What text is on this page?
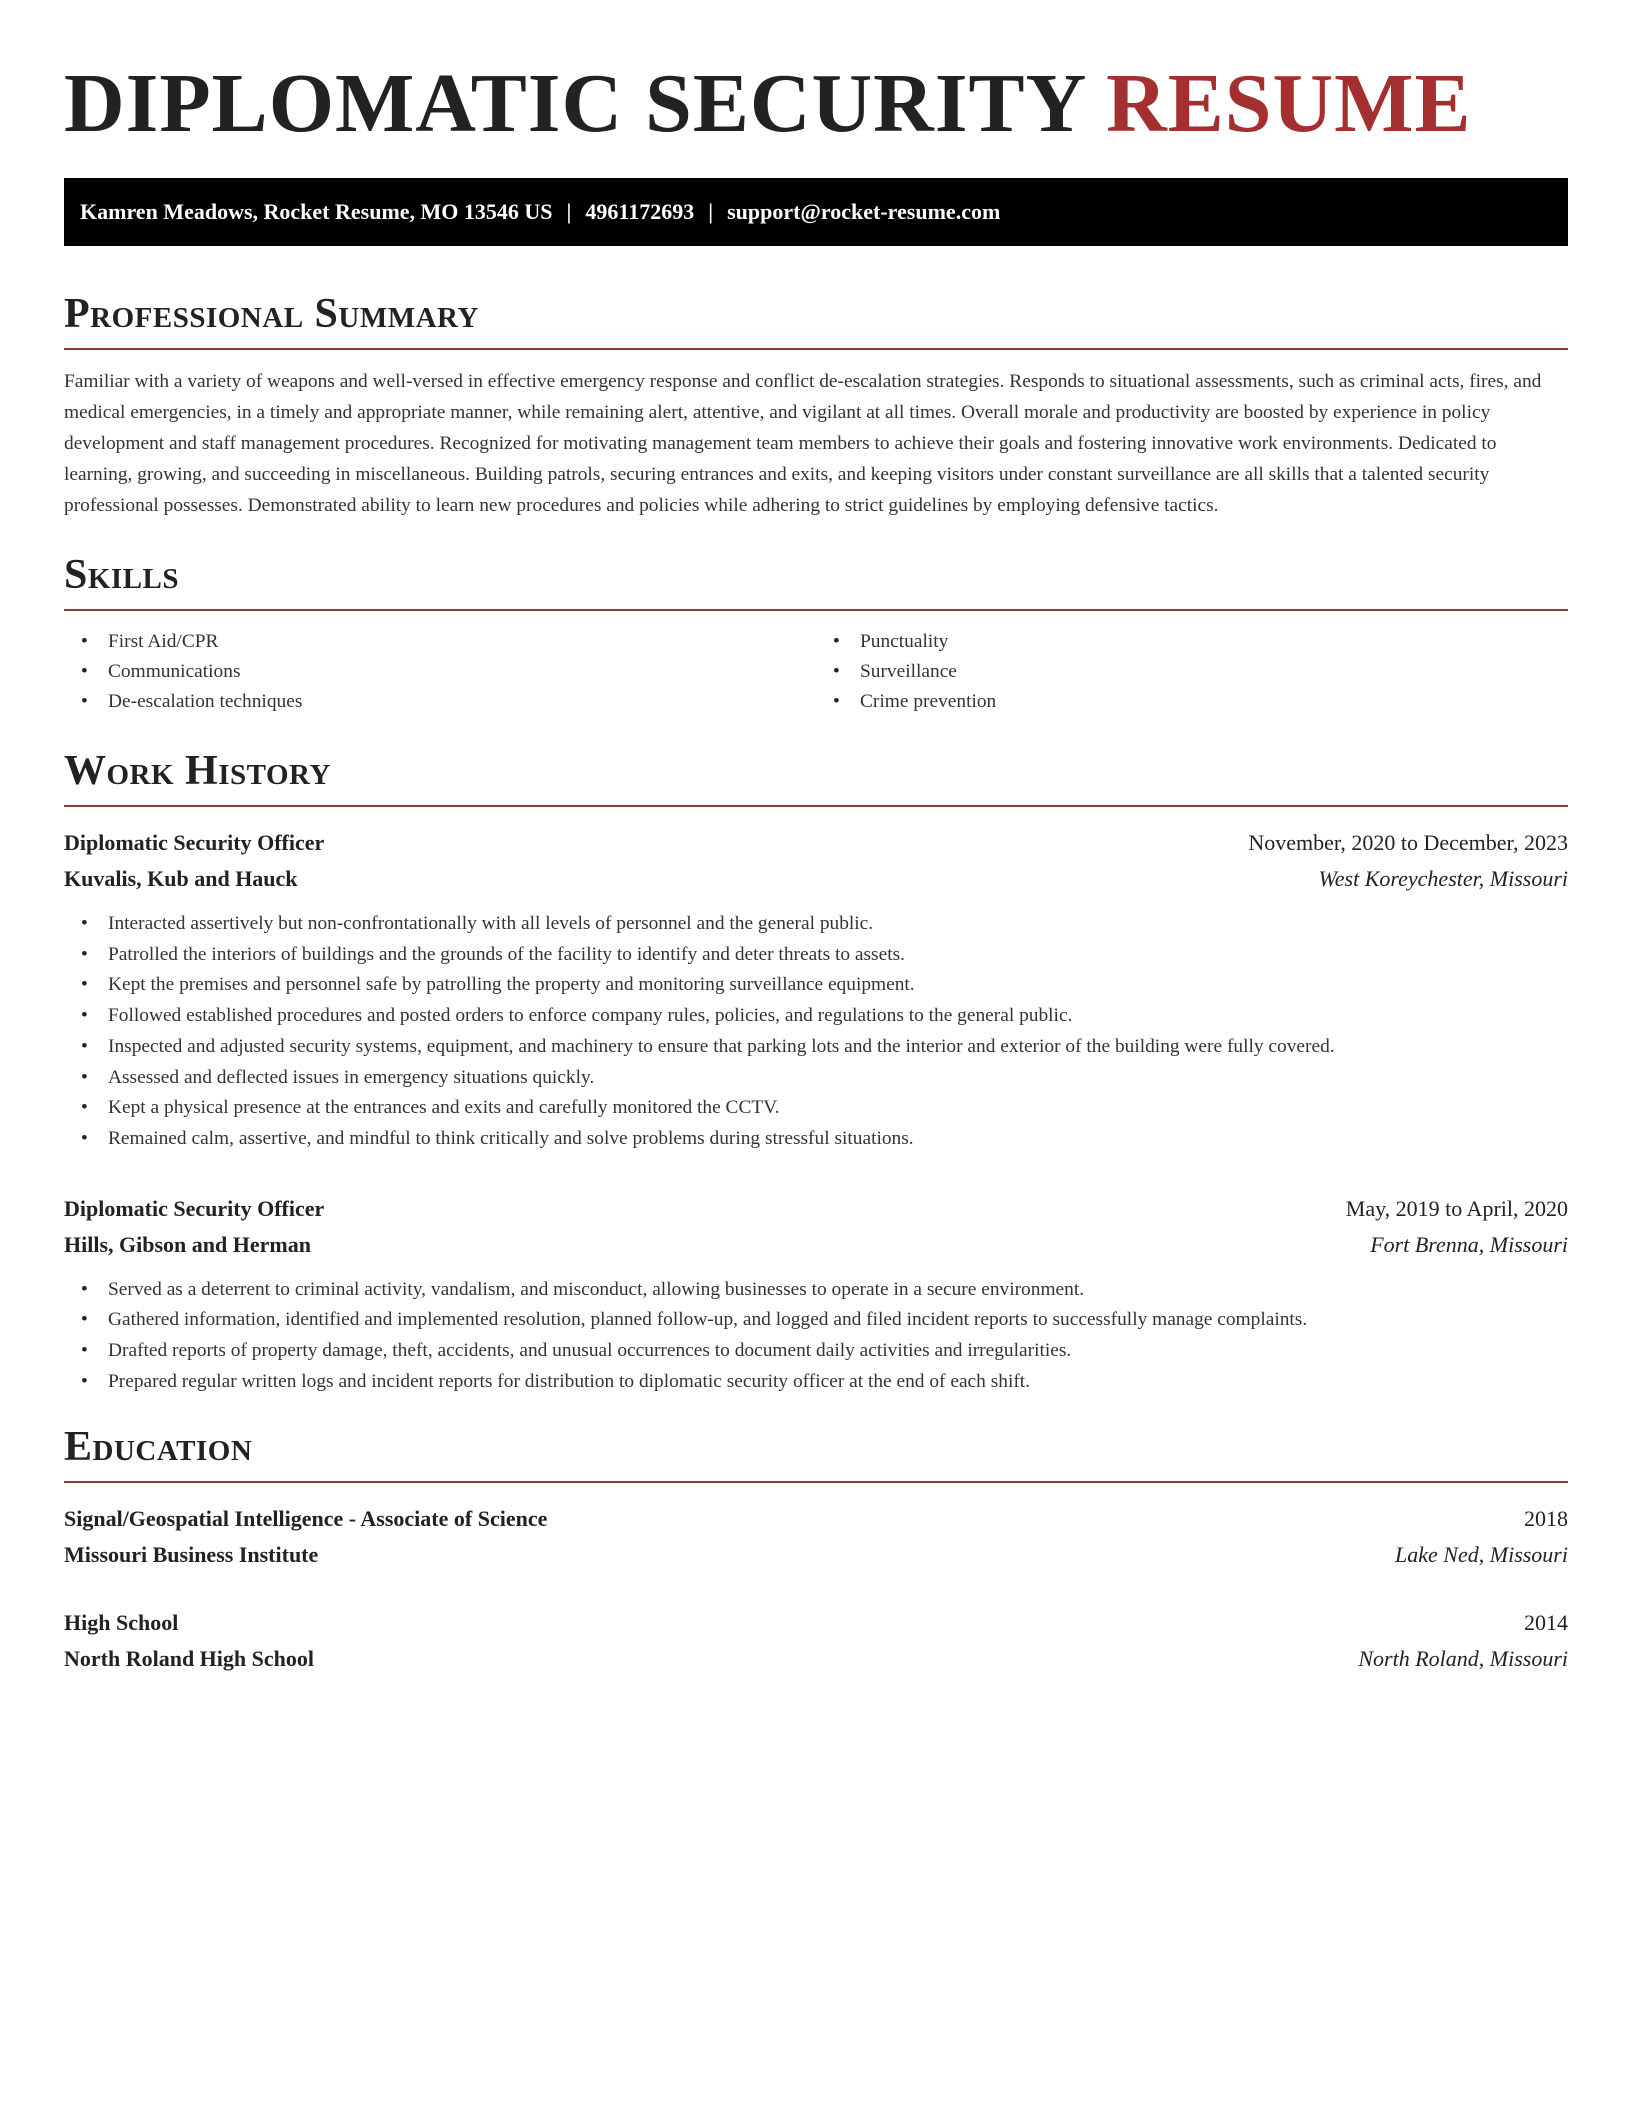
DIPLOMATIC SECURITY RESUME
Kamren Meadows, Rocket Resume, MO 13546 US | 4961172693 | support@rocket-resume.com
Professional Summary

Familiar with a variety of weapons and well-versed in effective emergency response and conflict de-escalation strategies. Responds to situational assessments, such as criminal acts, fires, and medical emergencies, in a timely and appropriate manner, while remaining alert, attentive, and vigilant at all times. Overall morale and productivity are boosted by experience in policy development and staff management procedures. Recognized for motivating management team members to achieve their goals and fostering innovative work environments. Dedicated to learning, growing, and succeeding in miscellaneous. Building patrols, securing entrances and exits, and keeping visitors under constant surveillance are all skills that a talented security professional possesses. Demonstrated ability to learn new procedures and policies while adhering to strict guidelines by employing defensive tactics.

Skills
• First Aid/CPR
• Communications
• De-escalation techniques
• Punctuality
• Surveillance
• Crime prevention
Work History
Diplomatic Security Officer	November, 2020 to December, 2023
Kuvalis, Kub and Hauck	West Koreychester, Missouri
• Interacted assertively but non-confrontationally with all levels of personnel and the general public.
• Patrolled the interiors of buildings and the grounds of the facility to identify and deter threats to assets.
• Kept the premises and personnel safe by patrolling the property and monitoring surveillance equipment.
• Followed established procedures and posted orders to enforce company rules, policies, and regulations to the general public.
• Inspected and adjusted security systems, equipment, and machinery to ensure that parking lots and the interior and exterior of the building were fully covered.
• Assessed and deflected issues in emergency situations quickly.
• Kept a physical presence at the entrances and exits and carefully monitored the CCTV.
• Remained calm, assertive, and mindful to think critically and solve problems during stressful situations.
Diplomatic Security Officer	May, 2019 to April, 2020
Hills, Gibson and Herman	Fort Brenna, Missouri
• Served as a deterrent to criminal activity, vandalism, and misconduct, allowing businesses to operate in a secure environment.
• Gathered information, identified and implemented resolution, planned follow-up, and logged and filed incident reports to successfully manage complaints.
• Drafted reports of property damage, theft, accidents, and unusual occurrences to document daily activities and irregularities.
• Prepared regular written logs and incident reports for distribution to diplomatic security officer at the end of each shift.
Education
Signal/Geospatial Intelligence - Associate of Science	2018
Missouri Business Institute	Lake Ned, Missouri
High School	2014
North Roland High School	North Roland, Missouri
